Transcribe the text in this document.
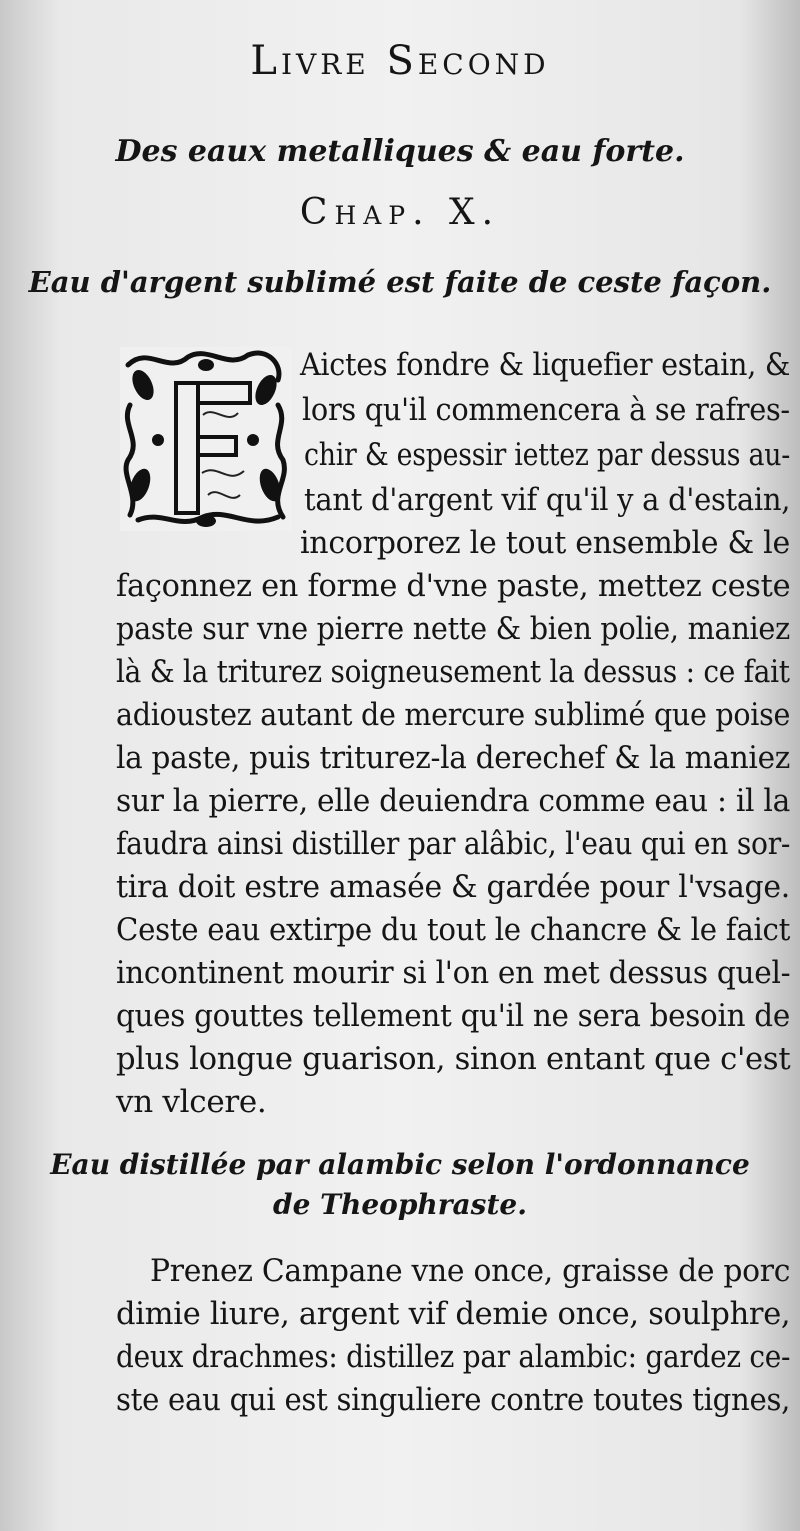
Livre Second
Des eaux metalliques & eau forte.
Chap. X.
Eau d'argent sublimé est faite de ceste façon.
Aictes fondre & liquefier estain, &
lors qu'il commencera à se rafres-
chir & espessir iettez par dessus au-
tant d'argent vif qu'il y a d'estain,
incorporez le tout ensemble & le
façonnez en forme d'vne paste, mettez ceste
paste sur vne pierre nette & bien polie, maniez
là & la triturez soigneusement la dessus : ce fait
adioustez autant de mercure sublimé que poise
la paste, puis triturez-la derechef & la maniez
sur la pierre, elle deuiendra comme eau : il la
faudra ainsi distiller par alâbic, l'eau qui en sor-
tira doit estre amasée & gardée pour l'vsage.
Ceste eau extirpe du tout le chancre & le faict
incontinent mourir si l'on en met dessus quel-
ques gouttes tellement qu'il ne sera besoin de
plus longue guarison, sinon entant que c'est
vn vlcere.
Eau distillée par alambic selon l'ordonnance
de Theophraste.
Prenez Campane vne once, graisse de porc
dimie liure, argent vif demie once, soulphre,
deux drachmes: distillez par alambic: gardez ce-
ste eau qui est singuliere contre toutes tignes,
